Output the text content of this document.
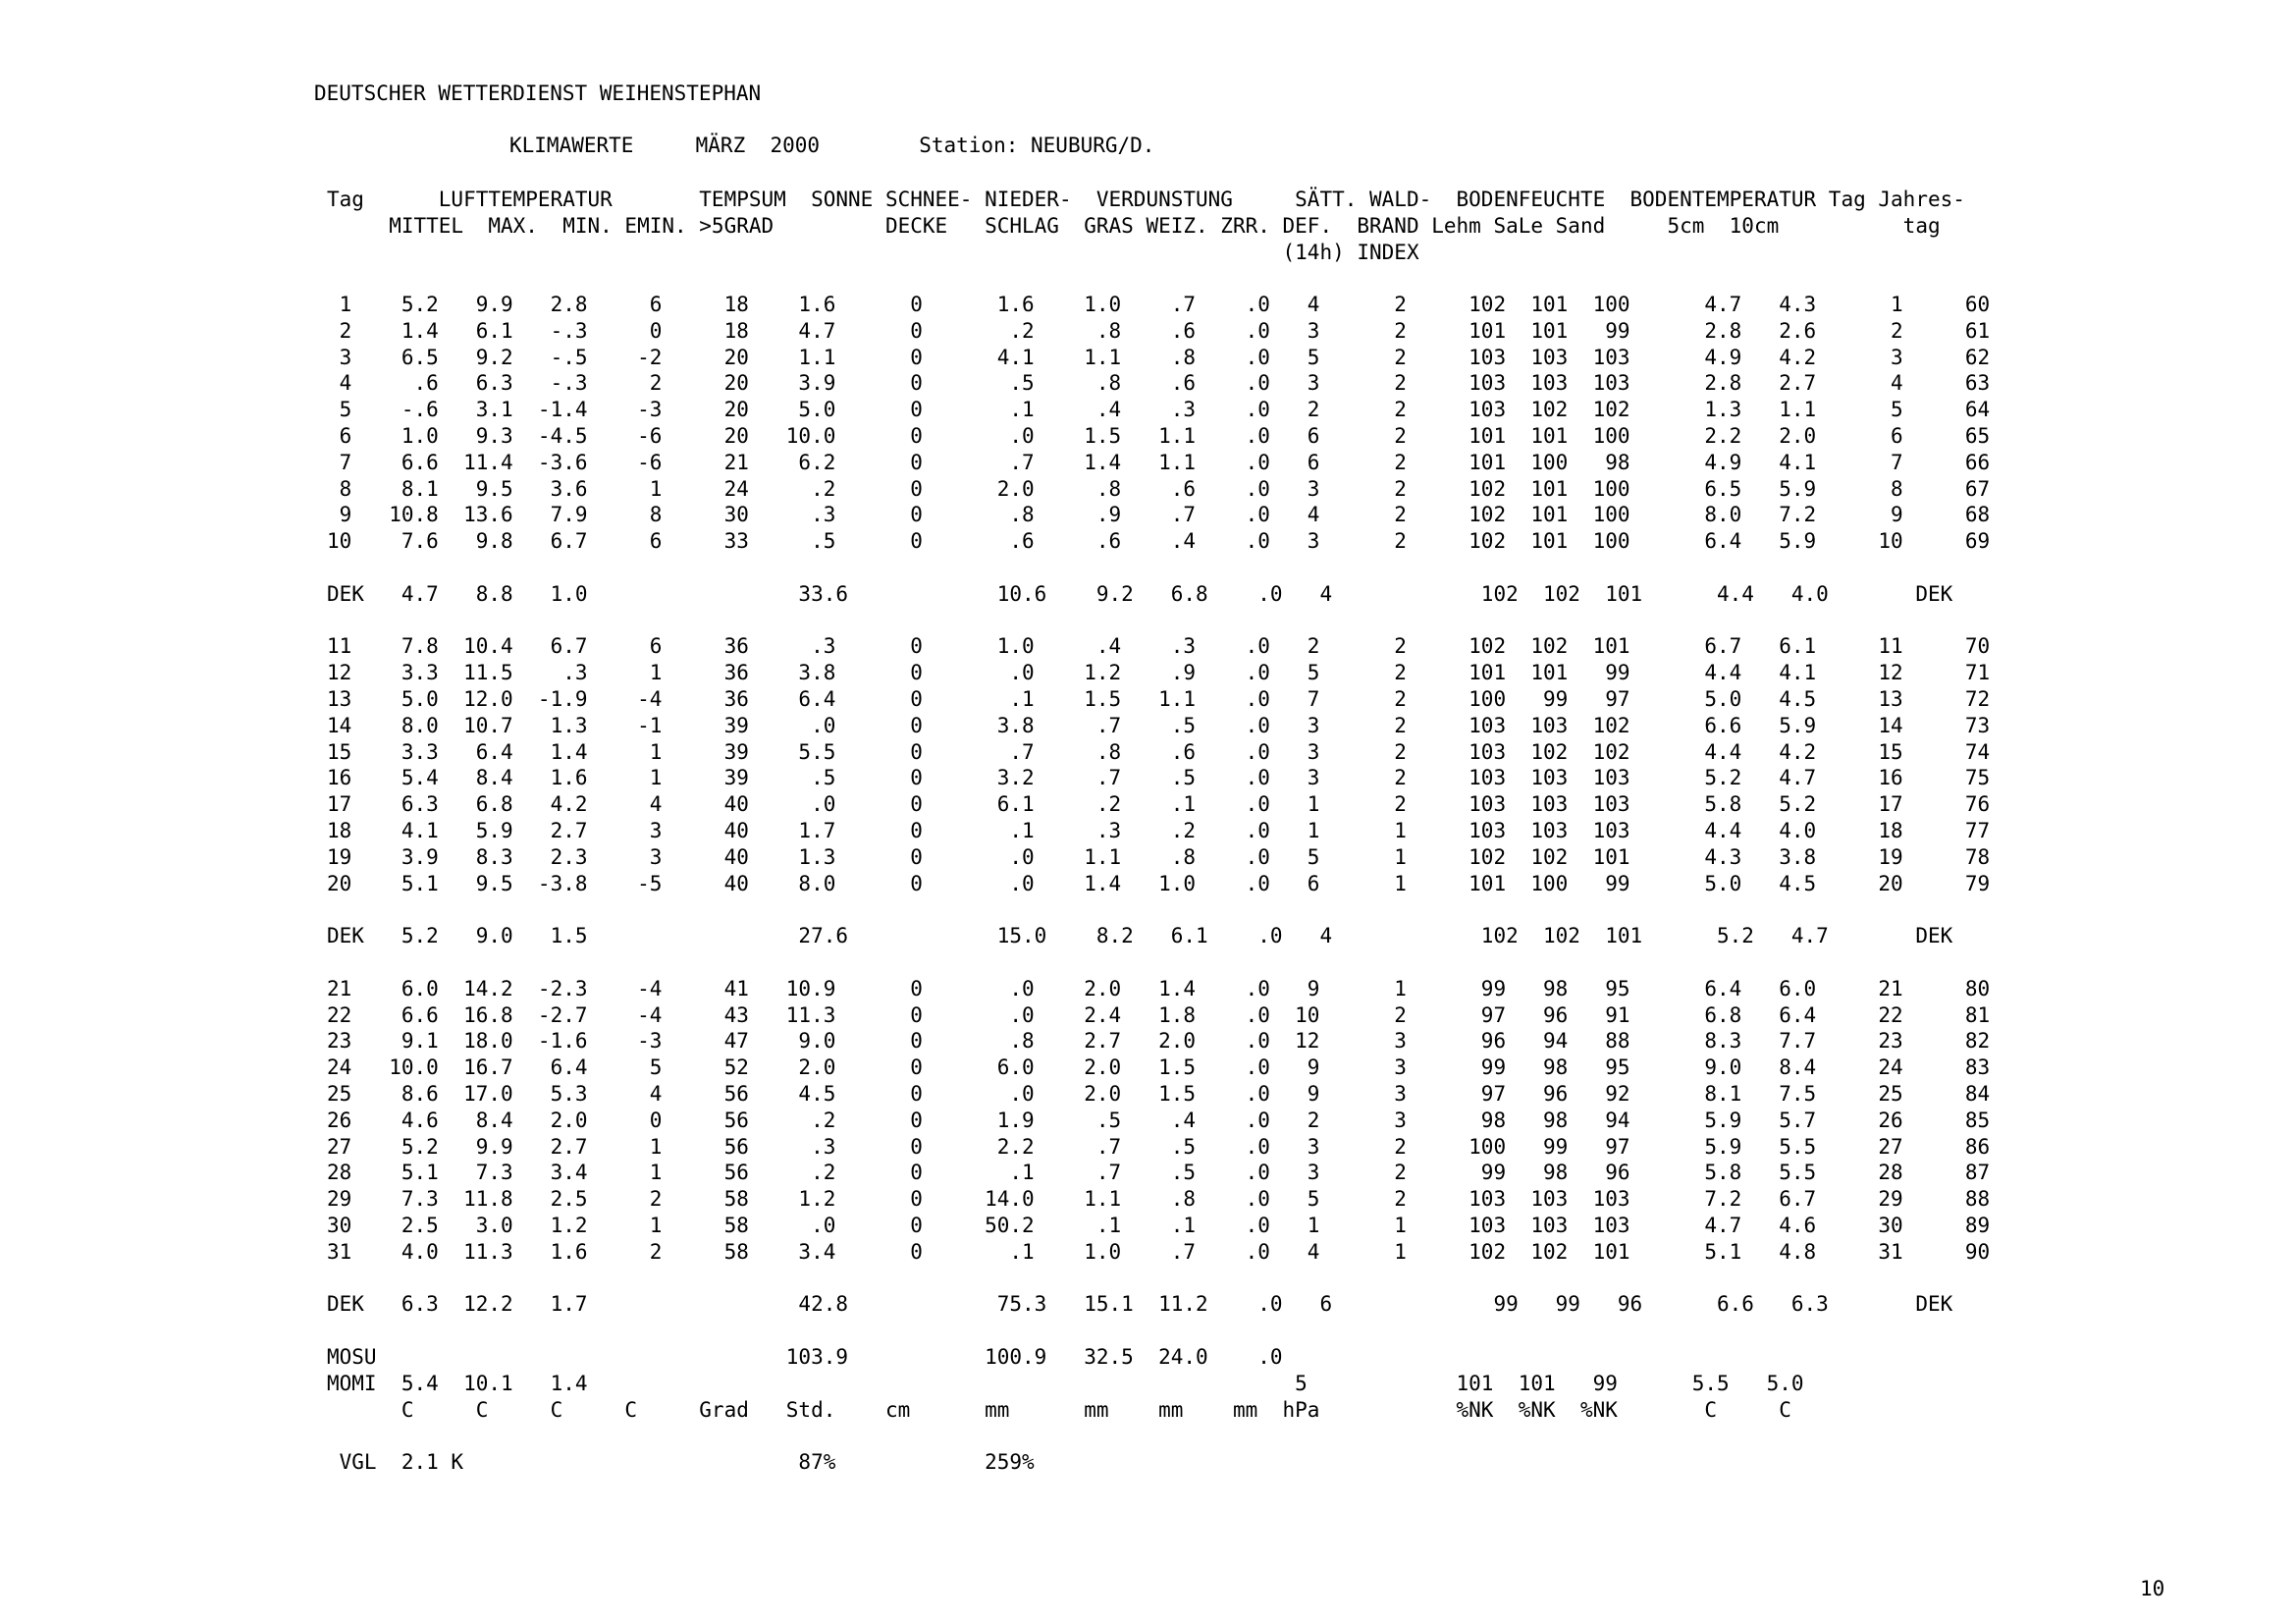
DEUTSCHER WETTERDIENST WEIHENSTEPHAN
KLIMAWERTE     MÄRZ  2000        Station: NEUBURG/D.
Tag      LUFTTEMPERATUR       TEMPSUM  SONNE SCHNEE- NIEDER-  VERDUNSTUNG     SÄTT. WALD-  BODENFEUCHTE  BODENTEMPERATUR Tag Jahres-
MITTEL  MAX.  MIN. EMIN. >5GRAD         DECKE   SCHLAG  GRAS WEIZ. ZRR. DEF.  BRAND Lehm SaLe Sand     5cm  10cm          tag
(14h) INDEX
1    5.2   9.9   2.8     6     18    1.6      0      1.6    1.0    .7    .0   4      2     102  101  100      4.7   4.3      1     60
2    1.4   6.1   -.3     0     18    4.7      0       .2     .8    .6    .0   3      2     101  101   99      2.8   2.6      2     61
3    6.5   9.2   -.5    -2     20    1.1      0      4.1    1.1    .8    .0   5      2     103  103  103      4.9   4.2      3     62
4     .6   6.3   -.3     2     20    3.9      0       .5     .8    .6    .0   3      2     103  103  103      2.8   2.7      4     63
5    -.6   3.1  -1.4    -3     20    5.0      0       .1     .4    .3    .0   2      2     103  102  102      1.3   1.1      5     64
6    1.0   9.3  -4.5    -6     20   10.0      0       .0    1.5   1.1    .0   6      2     101  101  100      2.2   2.0      6     65
7    6.6  11.4  -3.6    -6     21    6.2      0       .7    1.4   1.1    .0   6      2     101  100   98      4.9   4.1      7     66
8    8.1   9.5   3.6     1     24     .2      0      2.0     .8    .6    .0   3      2     102  101  100      6.5   5.9      8     67
9   10.8  13.6   7.9     8     30     .3      0       .8     .9    .7    .0   4      2     102  101  100      8.0   7.2      9     68
10    7.6   9.8   6.7     6     33     .5      0       .6     .6    .4    .0   3      2     102  101  100      6.4   5.9     10     69
DEK   4.7   8.8   1.0                 33.6            10.6    9.2   6.8    .0   4            102  102  101      4.4   4.0       DEK
11    7.8  10.4   6.7     6     36     .3      0      1.0     .4    .3    .0   2      2     102  102  101      6.7   6.1     11     70
12    3.3  11.5    .3     1     36    3.8      0       .0    1.2    .9    .0   5      2     101  101   99      4.4   4.1     12     71
13    5.0  12.0  -1.9    -4     36    6.4      0       .1    1.5   1.1    .0   7      2     100   99   97      5.0   4.5     13     72
14    8.0  10.7   1.3    -1     39     .0      0      3.8     .7    .5    .0   3      2     103  103  102      6.6   5.9     14     73
15    3.3   6.4   1.4     1     39    5.5      0       .7     .8    .6    .0   3      2     103  102  102      4.4   4.2     15     74
16    5.4   8.4   1.6     1     39     .5      0      3.2     .7    .5    .0   3      2     103  103  103      5.2   4.7     16     75
17    6.3   6.8   4.2     4     40     .0      0      6.1     .2    .1    .0   1      2     103  103  103      5.8   5.2     17     76
18    4.1   5.9   2.7     3     40    1.7      0       .1     .3    .2    .0   1      1     103  103  103      4.4   4.0     18     77
19    3.9   8.3   2.3     3     40    1.3      0       .0    1.1    .8    .0   5      1     102  102  101      4.3   3.8     19     78
20    5.1   9.5  -3.8    -5     40    8.0      0       .0    1.4   1.0    .0   6      1     101  100   99      5.0   4.5     20     79
DEK   5.2   9.0   1.5                 27.6            15.0    8.2   6.1    .0   4            102  102  101      5.2   4.7       DEK
21    6.0  14.2  -2.3    -4     41   10.9      0       .0    2.0   1.4    .0   9      1      99   98   95      6.4   6.0     21     80
22    6.6  16.8  -2.7    -4     43   11.3      0       .0    2.4   1.8    .0  10      2      97   96   91      6.8   6.4     22     81
23    9.1  18.0  -1.6    -3     47    9.0      0       .8    2.7   2.0    .0  12      3      96   94   88      8.3   7.7     23     82
24   10.0  16.7   6.4     5     52    2.0      0      6.0    2.0   1.5    .0   9      3      99   98   95      9.0   8.4     24     83
25    8.6  17.0   5.3     4     56    4.5      0       .0    2.0   1.5    .0   9      3      97   96   92      8.1   7.5     25     84
26    4.6   8.4   2.0     0     56     .2      0      1.9     .5    .4    .0   2      3      98   98   94      5.9   5.7     26     85
27    5.2   9.9   2.7     1     56     .3      0      2.2     .7    .5    .0   3      2     100   99   97      5.9   5.5     27     86
28    5.1   7.3   3.4     1     56     .2      0       .1     .7    .5    .0   3      2      99   98   96      5.8   5.5     28     87
29    7.3  11.8   2.5     2     58    1.2      0     14.0    1.1    .8    .0   5      2     103  103  103      7.2   6.7     29     88
30    2.5   3.0   1.2     1     58     .0      0     50.2     .1    .1    .0   1      1     103  103  103      4.7   4.6     30     89
31    4.0  11.3   1.6     2     58    3.4      0       .1    1.0    .7    .0   4      1     102  102  101      5.1   4.8     31     90
DEK   6.3  12.2   1.7                 42.8            75.3   15.1  11.2    .0   6             99   99   96      6.6   6.3       DEK
MOSU                                 103.9           100.9   32.5  24.0    .0
MOMI  5.4  10.1   1.4                                                         5            101  101   99      5.5   5.0
C     C     C     C     Grad   Std.    cm      mm      mm    mm    mm  hPa           %NK  %NK  %NK       C     C
VGL  2.1 K                           87%            259%
10
